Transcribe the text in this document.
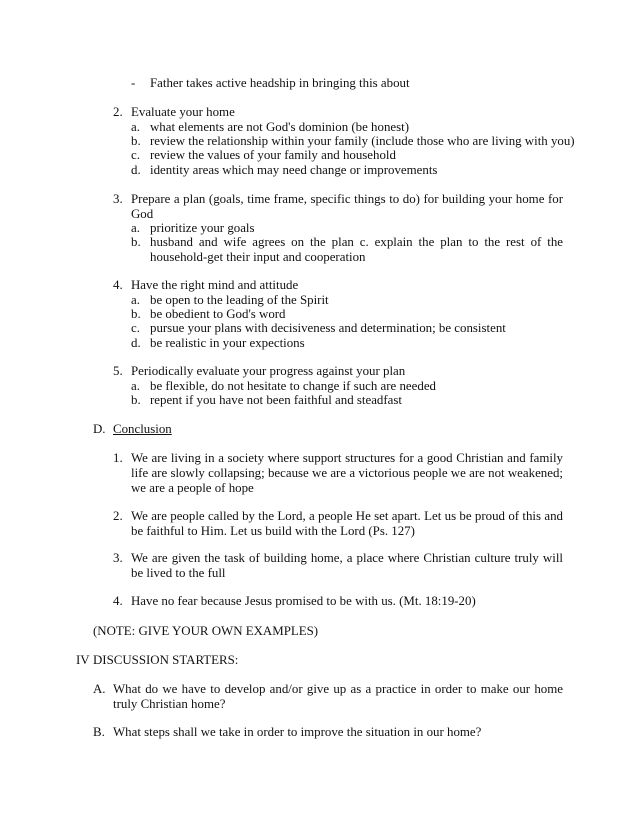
- Father takes active headship in bringing this about
2. Evaluate your home
a. what elements are not God's dominion (be honest)
b. review the relationship within your family (include those who are living with you)
c. review the values of your family and household
d. identity areas which may need change or improvements
3. Prepare a plan (goals, time frame, specific things to do) for building your home for God
a. prioritize your goals
b. husband and wife agrees on the plan c. explain the plan to the rest of the household-get their input and cooperation
4. Have the right mind and attitude
a. be open to the leading of the Spirit
b. be obedient to God's word
c. pursue your plans with decisiveness and determination; be consistent
d. be realistic in your expections
5. Periodically evaluate your progress against your plan
a. be flexible, do not hesitate to change if such are needed
b. repent if you have not been faithful and steadfast
D. Conclusion
1. We are living in a society where support structures for a good Christian and family life are slowly collapsing; because we are a victorious people we are not weakened; we are a people of hope
2. We are people called by the Lord, a people He set apart. Let us be proud of this and be faithful to Him. Let us build with the Lord (Ps. 127)
3. We are given the task of building home, a place where Christian culture truly will be lived to the full
4. Have no fear because Jesus promised to be with us. (Mt. 18:19-20)
(NOTE: GIVE YOUR OWN EXAMPLES)
IV DISCUSSION STARTERS:
A. What do we have to develop and/or give up as a practice in order to make our home truly Christian home?
B. What steps shall we take in order to improve the situation in our home?
